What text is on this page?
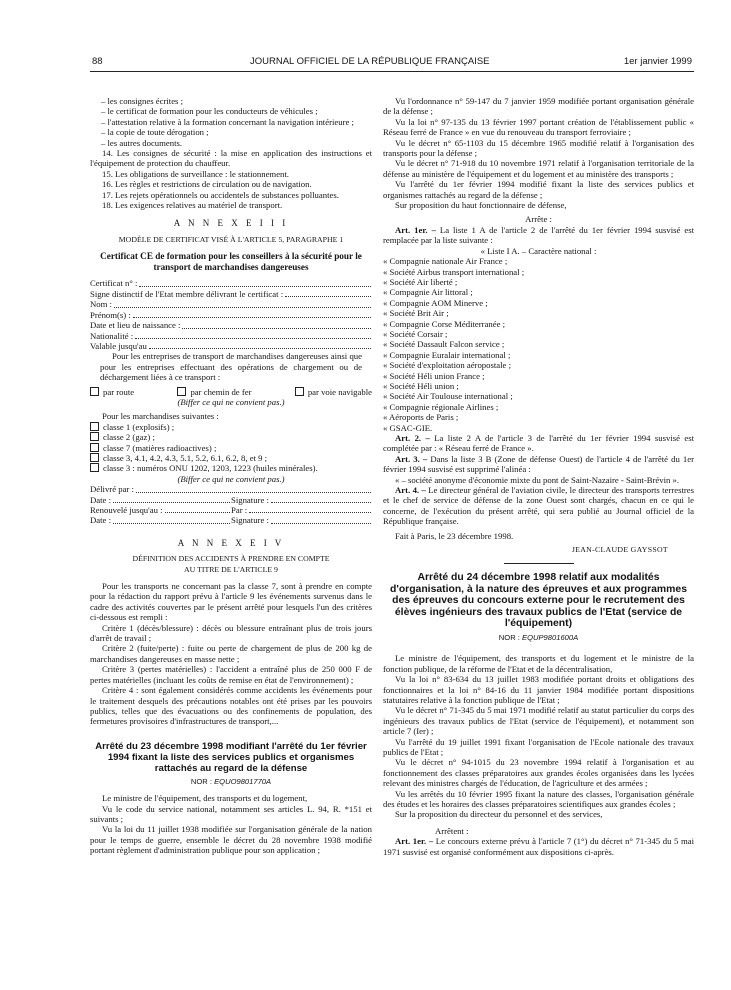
88	JOURNAL OFFICIEL DE LA RÉPUBLIQUE FRANÇAISE	1er janvier 1999

– les consignes écrites ;

– le certificat de formation pour les conducteurs de véhicules ;

– l'attestation relative à la formation concernant la navigation intérieure ;

– la copie de toute dérogation ;

– les autres documents.

14. Les consignes de sécurité : la mise en application des instructions et l'équipement de protection du chauffeur.

15. Les obligations de surveillance : le stationnement.

16. Les règles et restrictions de circulation ou de navigation.

17. Les rejets opérationnels ou accidentels de substances polluantes.

18. Les exigences relatives au matériel de transport.

A N N E X E I I I

MODÈLE DE CERTIFICAT VISÉ À L'ARTICLE 5, PARAGRAPHE 1

Certificat CE de formation pour les conseillers à la sécurité pour le transport de marchandises dangereuses

Certificat n° :
Signe distinctif de l'Etat membre délivrant le certificat :
Nom :
Prénom(s) :
Date et lieu de naissance :
Nationalité :
Valable jusqu'au

Pour les entreprises de transport de marchandises dangereuses ainsi que pour les entreprises effectuant des opérations de chargement ou de déchargement liées à ce transport :

par route	par chemin de fer	par voie navigable

(Biffer ce qui ne convient pas.)

Pour les marchandises suivantes :

classe 1 (explosifs) ;

classe 2 (gaz) ;

classe 7 (matières radioactives) ;

classe 3, 4.1, 4.2, 4.3, 5.1, 5.2, 6.1, 6.2, 8, et 9 ;

classe 3 : numéros ONU 1202, 1203, 1223 (huiles minérales).

(Biffer ce qui ne convient pas.)

Délivré par :
Date :	Signature :
Renouvelé jusqu'au :	Par :
Date :	Signature :
A N N E X E I V

DÉFINITION DES ACCIDENTS À PRENDRE EN COMPTE

AU TITRE DE L'ARTICLE 9

Pour les transports ne concernant pas la classe 7, sont à prendre en compte pour la rédaction du rapport prévu à l'article 9 les événements survenus dans le cadre des activités couvertes par le présent arrêté pour lesquels l'un des critères ci-dessous est rempli :

Critère 1 (décès/blessure) : décès ou blessure entraînant plus de trois jours d'arrêt de travail ;

Critère 2 (fuite/perte) : fuite ou perte de chargement de plus de 200 kg de marchandises dangereuses en masse nette ;

Critère 3 (pertes matérielles) : l'accident a entraîné plus de 250 000 F de pertes matérielles (incluant les coûts de remise en état de l'environnement) ;

Critère 4 : sont également considérés comme accidents les événements pour le traitement desquels des précautions notables ont été prises par les pouvoirs publics, telles que des évacuations ou des confinements de population, des fermetures provisoires d'infrastructures de transport,...

Arrêté du 23 décembre 1998 modifiant l'arrêté du 1er février 1994 fixant la liste des services publics et organismes rattachés au regard de la défense

NOR : EQUO9801770A

Le ministre de l'équipement, des transports et du logement,

Vu le code du service national, notamment ses articles L. 94, R. *151 et suivants ;

Vu la loi du 11 juillet 1938 modifiée sur l'organisation générale de la nation pour le temps de guerre, ensemble le décret du 28 novembre 1938 modifié portant règlement d'administration publique pour son application ;

Vu l'ordonnance n° 59-147 du 7 janvier 1959 modifiée portant organisation générale de la défense ;

Vu la loi n° 97-135 du 13 février 1997 portant création de l'établissement public « Réseau ferré de France » en vue du renouveau du transport ferroviaire ;

Vu le décret n° 65-1103 du 15 décembre 1965 modifié relatif à l'organisation des transports pour la défense ;

Vu le décret n° 71-918 du 10 novembre 1971 relatif à l'organisation territoriale de la défense au ministère de l'équipement et du logement et au ministère des transports ;

Vu l'arrêté du 1er février 1994 modifié fixant la liste des services publics et organismes rattachés au regard de la défense ;

Sur proposition du haut fonctionnaire de défense,

Arrête :

Art. 1er. – La liste 1 A de l'article 2 de l'arrêté du 1er février 1994 susvisé est remplacée par la liste suivante :

« Liste I A. – Caractère national :

« Compagnie nationale Air France ;

« Société Airbus transport international ;

« Société Air liberté ;

« Compagnie Air littoral ;

« Compagnie AOM Minerve ;

« Société Brit Air ;

« Compagnie Corse Méditerranée ;

« Société Corsair ;

« Société Dassault Falcon service ;

« Compagnie Euralair international ;

« Société d'exploitation aéropostale ;

« Société Héli union France ;

« Société Héli union ;

« Société Air Toulouse international ;

« Compagnie régionale Airlines ;

« Aéroports de Paris ;

« GSAC-GIE.

Art. 2. – La liste 2 A de l'article 3 de l'arrêté du 1er février 1994 susvisé est complétée par : « Réseau ferré de France ».

Art. 3. – Dans la liste 3 B (Zone de défense Ouest) de l'article 4 de l'arrêté du 1er février 1994 susvisé est supprimé l'alinéa :

« – société anonyme d'économie mixte du pont de Saint-Nazaire - Saint-Brévin ».

Art. 4. – Le directeur général de l'aviation civile, le directeur des transports terrestres et le chef de service de défense de la zone Ouest sont chargés, chacun en ce qui le concerne, de l'exécution du présent arrêté, qui sera publié au Journal officiel de la République française.

Fait à Paris, le 23 décembre 1998.

JEAN-CLAUDE GAYSSOT

Arrêté du 24 décembre 1998 relatif aux modalités d'organisation, à la nature des épreuves et aux programmes des épreuves du concours externe pour le recrutement des élèves ingénieurs des travaux publics de l'Etat (service de l'équipement)

NOR : EQUP9801600A

Le ministre de l'équipement, des transports et du logement et le ministre de la fonction publique, de la réforme de l'Etat et de la décentralisation,

Vu la loi n° 83-634 du 13 juillet 1983 modifiée portant droits et obligations des fonctionnaires et la loi n° 84-16 du 11 janvier 1984 modifiée portant dispositions statutaires relative à la fonction publique de l'Etat ;

Vu le décret n° 71-345 du 5 mai 1971 modifié relatif au statut particulier du corps des ingénieurs des travaux publics de l'Etat (service de l'équipement), et notamment son article 7 (Ier) ;

Vu l'arrêté du 19 juillet 1991 fixant l'organisation de l'Ecole nationale des travaux publics de l'Etat ;

Vu le décret n° 94-1015 du 23 novembre 1994 relatif à l'organisation et au fonctionnement des classes préparatoires aux grandes écoles organisées dans les lycées relevant des ministres chargés de l'éducation, de l'agriculture et des armées ;

Vu les arrêtés du 10 février 1995 fixant la nature des classes, l'organisation générale des études et les horaires des classes préparatoires scientifiques aux grandes écoles ;

Sur la proposition du directeur du personnel et des services,

Arrêtent :

Art. 1er. – Le concours externe prévu à l'article 7 (1°) du décret n° 71-345 du 5 mai 1971 susvisé est organisé conformément aux dispositions ci-après.
